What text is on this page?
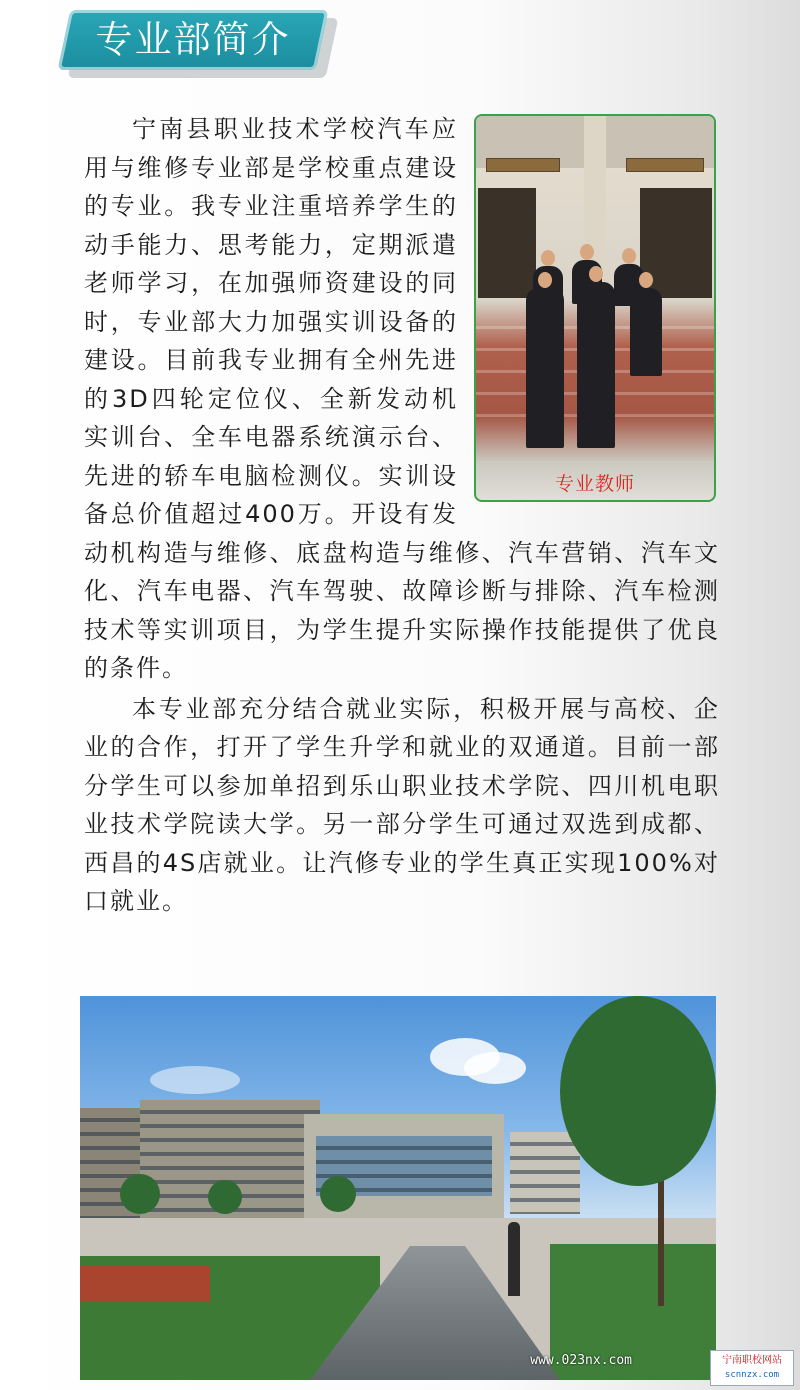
专业部简介
专业教师

宁南县职业技术学校汽车应用与维修专业部是学校重点建设的专业。我专业注重培养学生的动手能力、思考能力，定期派遣老师学习，在加强师资建设的同时，专业部大力加强实训设备的建设。目前我专业拥有全州先进的3D四轮定位仪、全新发动机实训台、全车电器系统演示台、先进的轿车电脑检测仪。实训设备总价值超过400万。开设有发动机构造与维修、底盘构造与维修、汽车营销、汽车文化、汽车电器、汽车驾驶、故障诊断与排除、汽车检测技术等实训项目，为学生提升实际操作技能提供了优良的条件。

本专业部充分结合就业实际，积极开展与高校、企业的合作，打开了学生升学和就业的双通道。目前一部分学生可以参加单招到乐山职业技术学院、四川机电职业技术学院读大学。另一部分学生可通过双选到成都、西昌的4S店就业。让汽修专业的学生真正实现100%对口就业。

www.023nx.com	宁南职校网站
scnnzx.com
